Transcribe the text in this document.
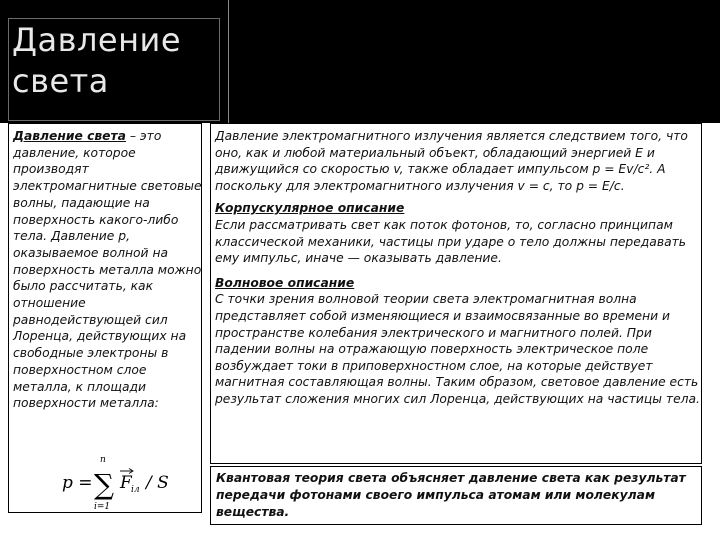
Давление света
Давление света – это давление, которое производят электромагнитные световые волны, падающие на поверхность какого-либо тела. Давление p, оказываемое волной на поверхность металла можно было рассчитать, как отношение равнодействующей сил Лоренца, действующих на свободные электроны в поверхностном слое металла, к площади поверхности металла:
p =
n
∑
i=1
F iл / S

Давление электромагнитного излучения является следствием того, что оно, как и любой материальный объект, обладающий энергией E и движущийся со скоростью v, также обладает импульсом p = Ev/c². А поскольку для электромагнитного излучения v = c, то p = E/c.

Корпускулярное описание

Если рассматривать свет как поток фотонов, то, согласно принципам классической механики, частицы при ударе о тело должны передавать ему импульс, иначе — оказывать давление.

Волновое описание

С точки зрения волновой теории света электромагнитная волна представляет собой изменяющиеся и взаимосвязанные во времени и пространстве колебания электрического и магнитного полей. При падении волны на отражающую поверхность электрическое поле возбуждает токи в приповерхностном слое, на которые действует магнитная составляющая волны. Таким образом, световое давление есть результат сложения многих сил Лоренца, действующих на частицы тела.

Квантовая теория света объясняет давление света как результат передачи фотонами своего импульса атомам или молекулам вещества.
